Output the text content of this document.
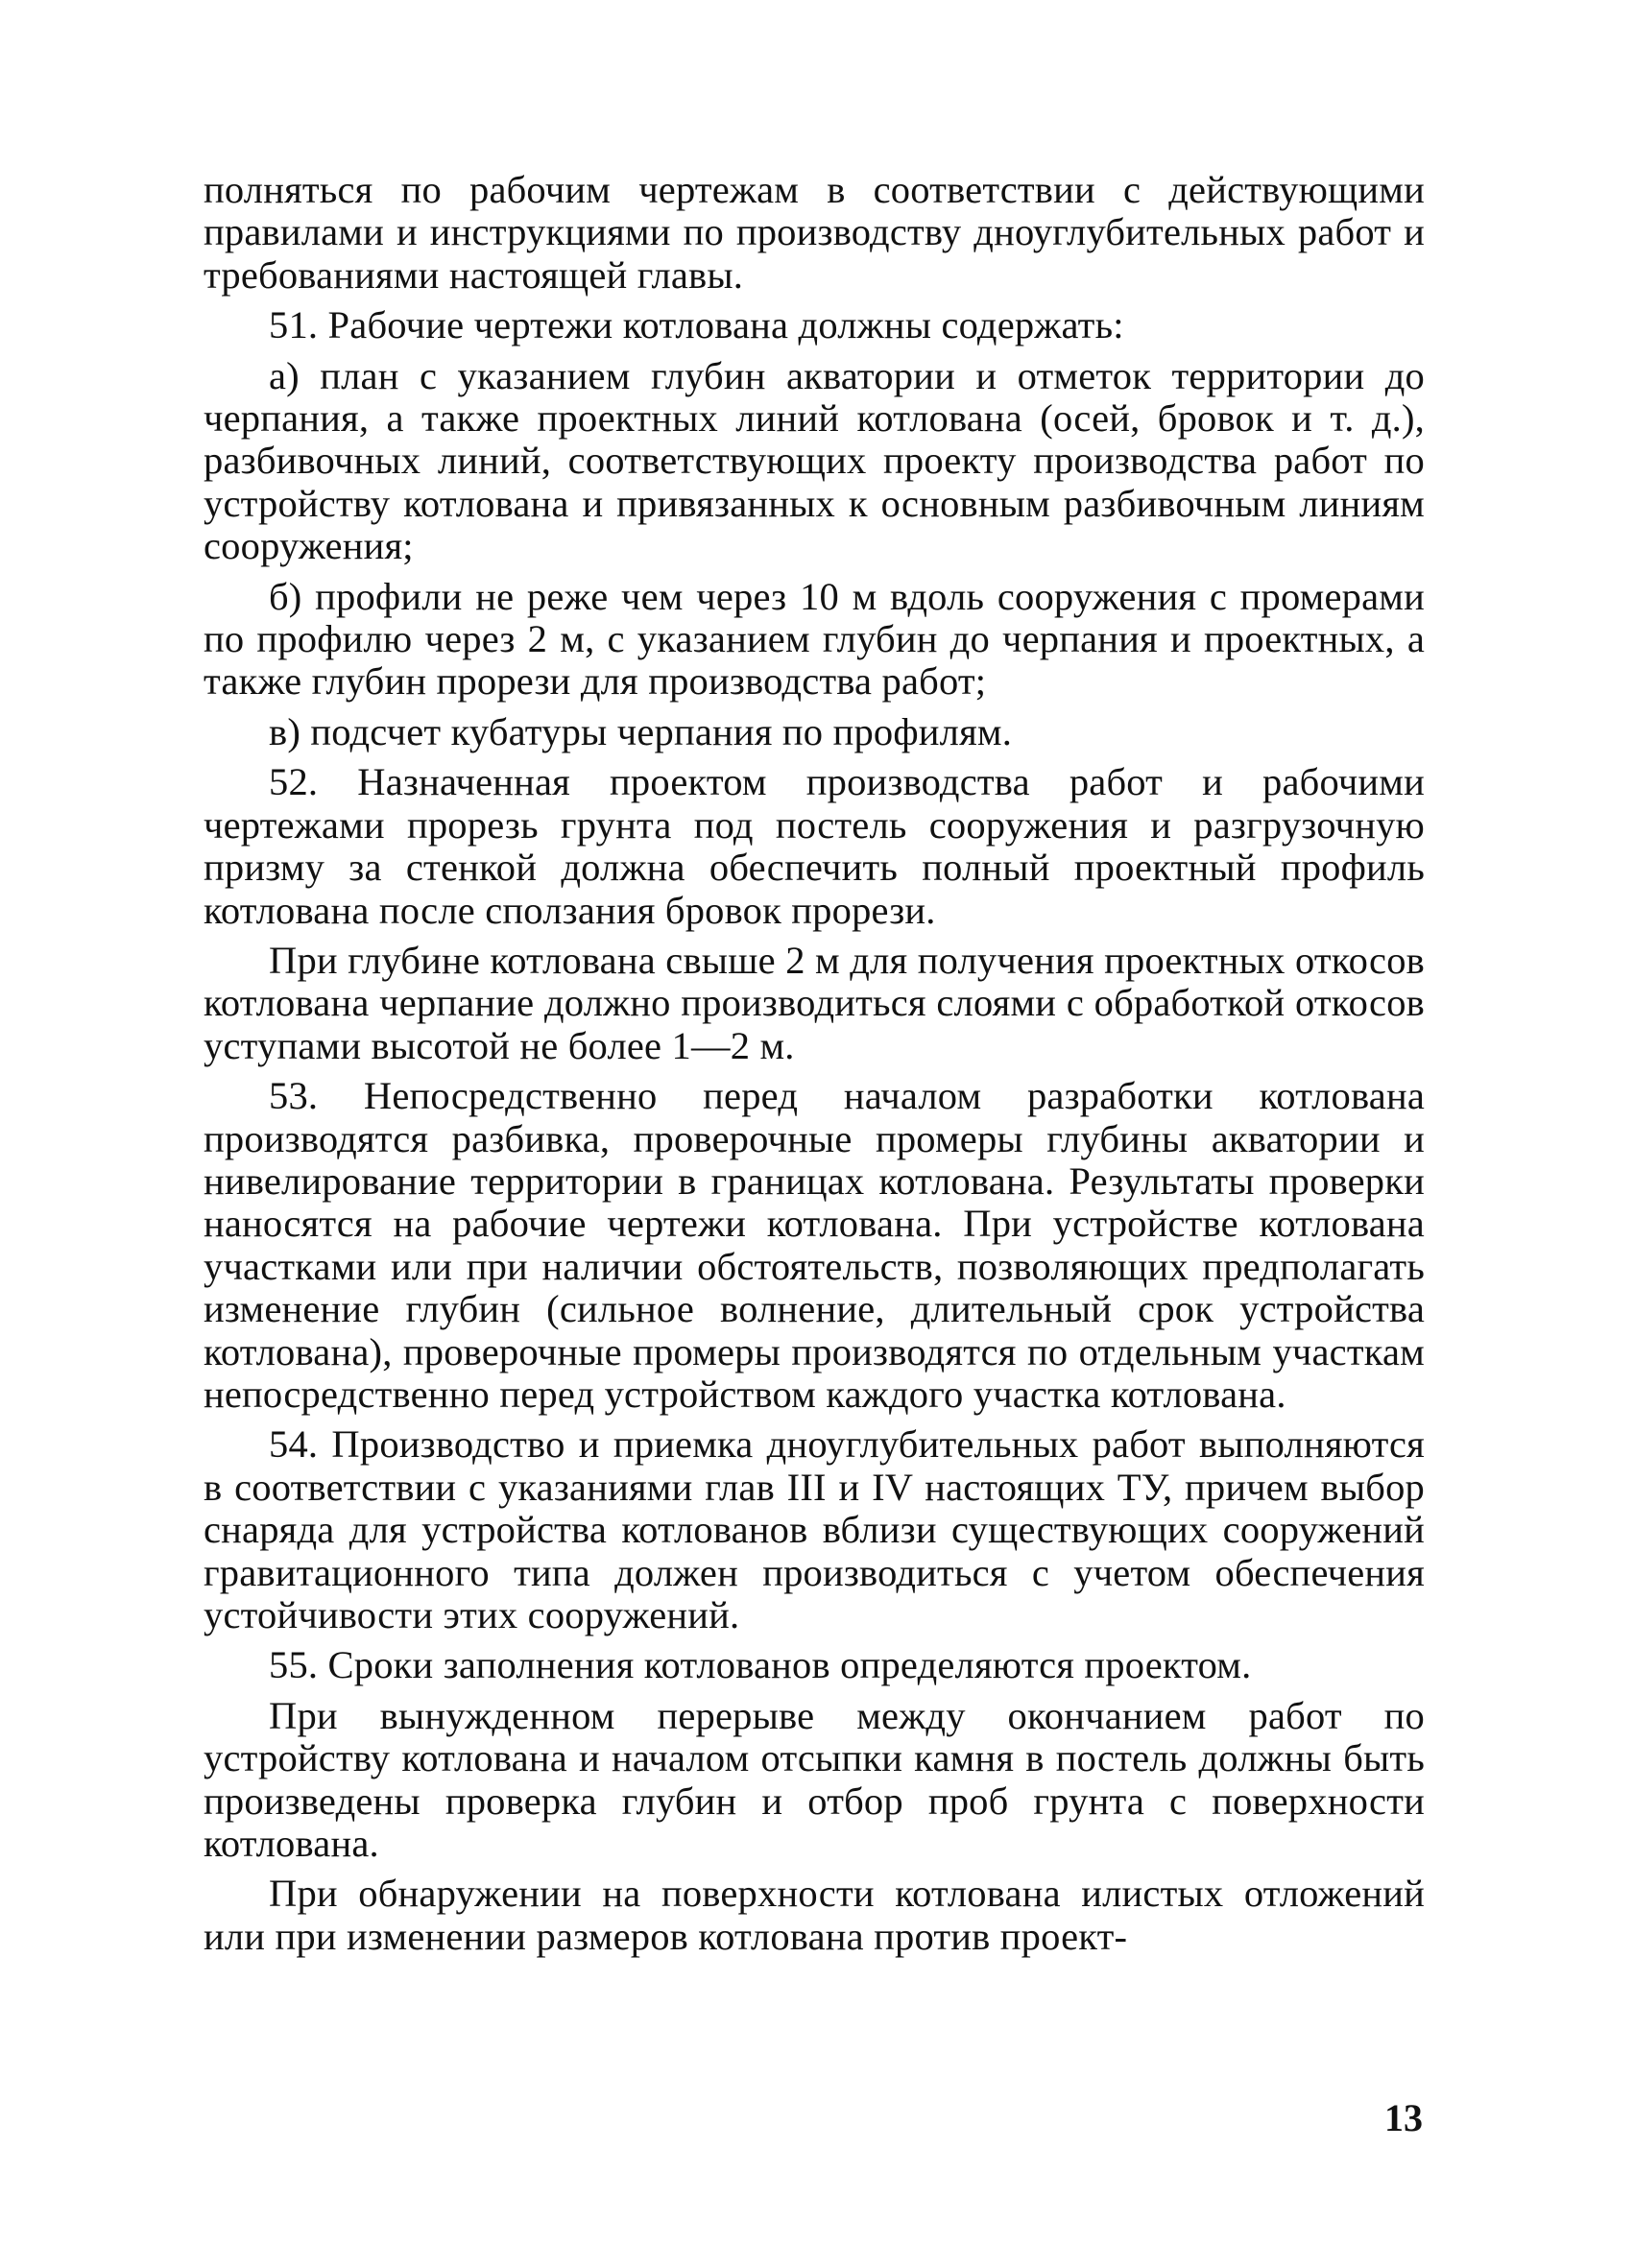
полняться по рабочим чертежам в соответствии с действующими правилами и инструкциями по производству дноуглубительных работ и требованиями настоящей главы.

51. Рабочие чертежи котлована должны содержать:

а) план с указанием глубин акватории и отметок территории до черпания, а также проектных линий котлована (осей, бровок и т. д.), разбивочных линий, соответствующих проекту производства работ по устройству котлована и привязанных к основным разбивочным линиям сооружения;

б) профили не реже чем через 10 м вдоль сооружения с промерами по профилю через 2 м, с указанием глубин до черпания и проектных, а также глубин прорези для производства работ;

в) подсчет кубатуры черпания по профилям.

52. Назначенная проектом производства работ и рабочими чертежами прорезь грунта под постель сооружения и разгрузочную призму за стенкой должна обеспечить полный проектный профиль котлована после сползания бровок прорези.

При глубине котлована свыше 2 м для получения проектных откосов котлована черпание должно производиться слоями с обработкой откосов уступами высотой не более 1—2 м.

53. Непосредственно перед началом разработки котлована производятся разбивка, проверочные промеры глубины акватории и нивелирование территории в границах котлована. Результаты проверки наносятся на рабочие чертежи котлована. При устройстве котлована участками или при наличии обстоятельств, позволяющих предполагать изменение глубин (сильное волнение, длительный срок устройства котлована), проверочные промеры производятся по отдельным участкам непосредственно перед устройством каждого участка котлована.

54. Производство и приемка дноуглубительных работ выполняются в соответствии с указаниями глав III и IV настоящих ТУ, причем выбор снаряда для устройства котлованов вблизи существующих сооружений гравитационного типа должен производиться с учетом обеспечения устойчивости этих сооружений.

55. Сроки заполнения котлованов определяются проектом.

При вынужденном перерыве между окончанием работ по устройству котлована и началом отсыпки камня в постель должны быть произведены проверка глубин и отбор проб грунта с поверхности котлована.

При обнаружении на поверхности котлована илистых отложений или при изменении размеров котлована против проект-

13
